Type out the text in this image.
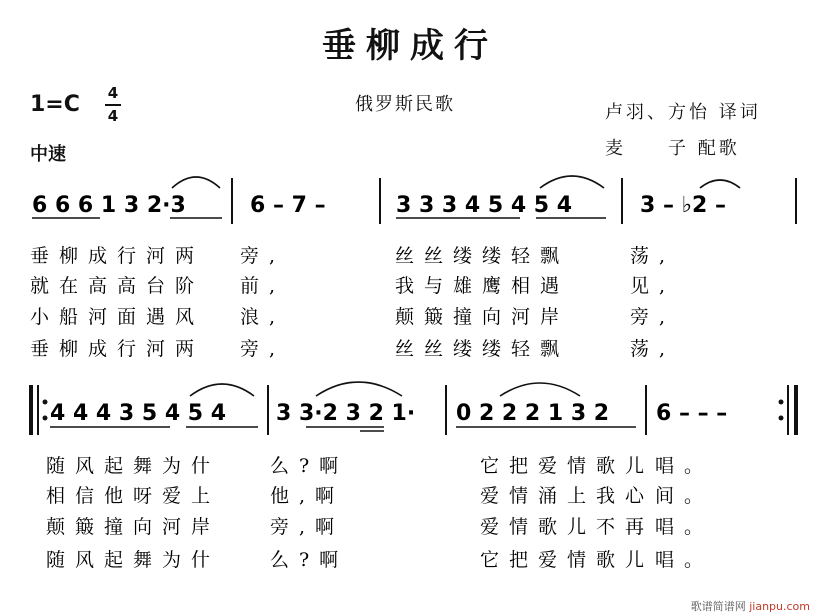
垂柳成行
1=C	4
4
中速
俄罗斯民歌	卢羽、方怡 译词
麦　　子 配歌
6 6 6 1 3 2·3	6 – 7 –	3 3 3 4 5 4 5 4	3 – ♭2 –
4 4 4 3 5 4 5 4 3 3·2 3 2 1· 0 2 2 2 1 3 2 6 – – –
垂柳成行河两 旁,	丝丝缕缕轻飘	荡,
就在高高台阶 前,	我与雄鹰相遇	见,
小船河面遇风 浪,	颠簸撞向河岸	旁,
垂柳成行河两 旁,	丝丝缕缕轻飘	荡,
随风起舞为什	么?啊	它把爱情歌儿 唱。
相信他呀爱上	他,啊	爱情涌上我心 间。
颠簸撞向河岸	旁,啊	爱情歌儿不再 唱。
随风起舞为什	么?啊	它把爱情歌儿 唱。
歌谱简谱网 jianpu.com
